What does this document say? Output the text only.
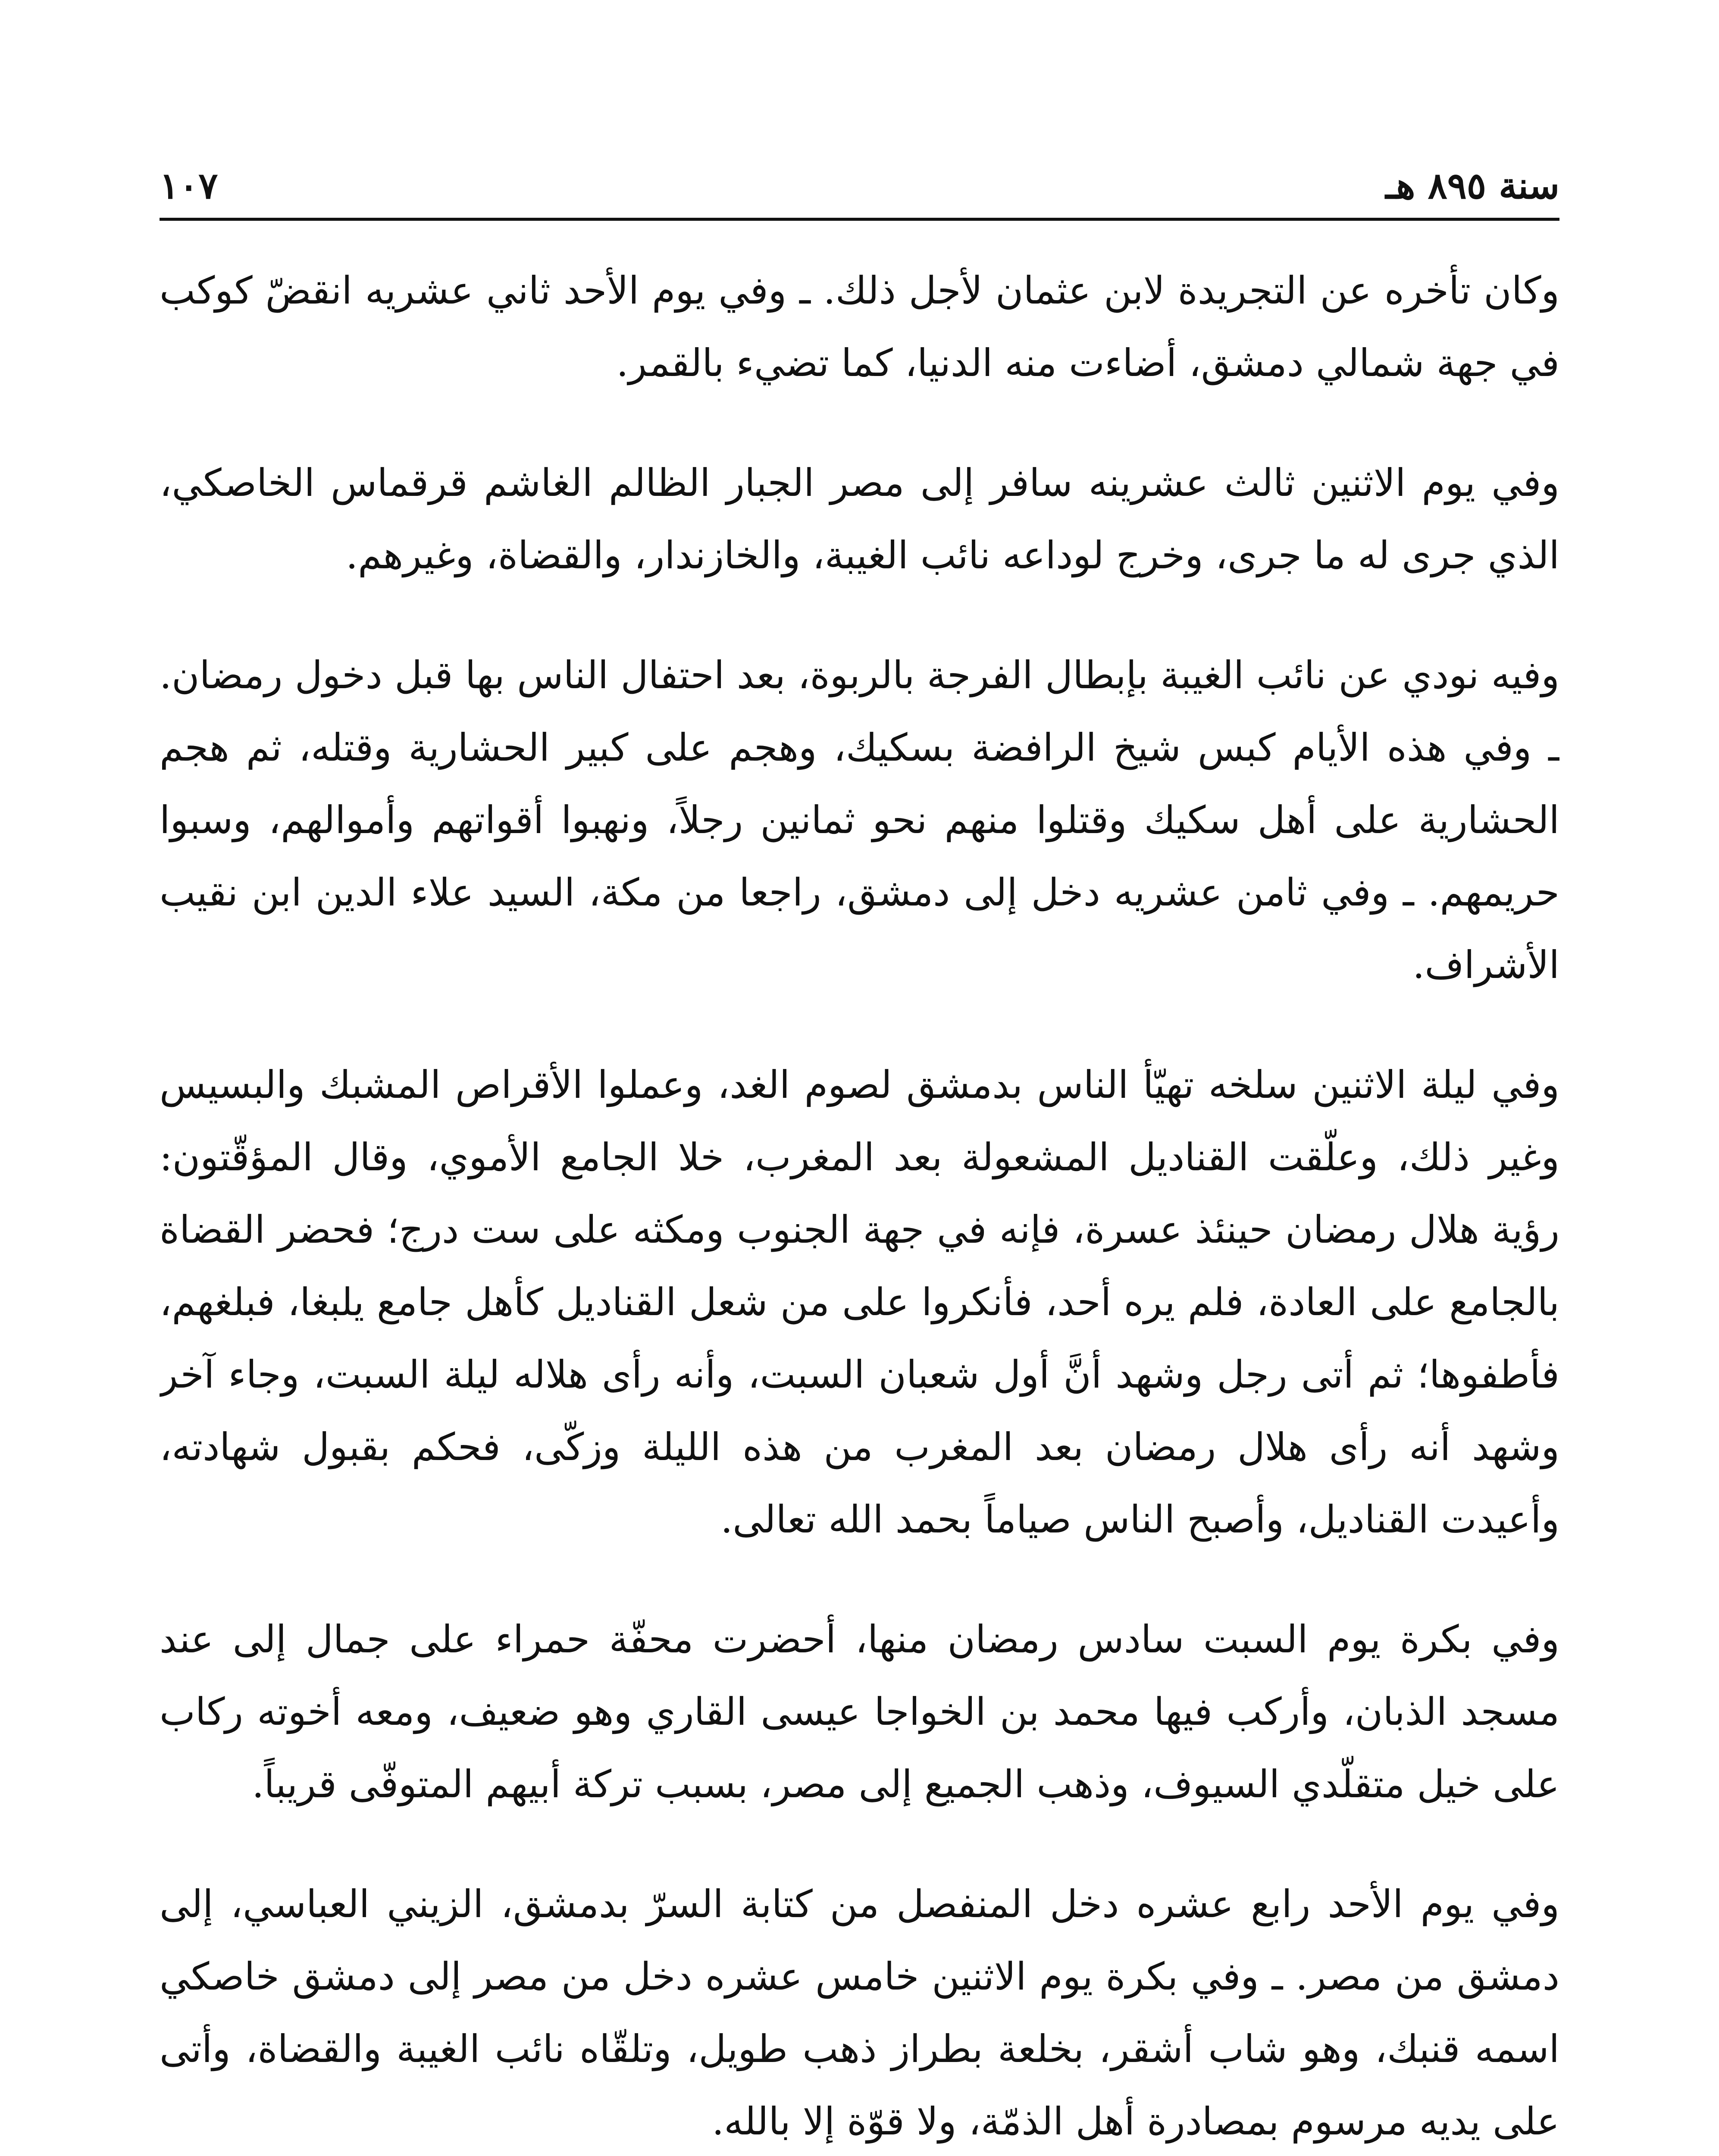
سنة ٨٩٥ هـ
١٠٧

وكان تأخره عن التجريدة لابن عثمان لأجل ذلك. ـ وفي يوم الأحد ثاني عشريه انقضّ كوكب في جهة شمالي دمشق، أضاءت منه الدنيا، كما تضيء بالقمر.

وفي يوم الاثنين ثالث عشرينه سافر إلى مصر الجبار الظالم الغاشم قرقماس الخاصكي، الذي جرى له ما جرى، وخرج لوداعه نائب الغيبة، والخازندار، والقضاة، وغيرهم.

وفيه نودي عن نائب الغيبة بإبطال الفرجة بالربوة، بعد احتفال الناس بها قبل دخول رمضان. ـ وفي هذه الأيام كبس شيخ الرافضة بسكيك، وهجم على كبير الحشارية وقتله، ثم هجم الحشارية على أهل سكيك وقتلوا منهم نحو ثمانين رجلاً، ونهبوا أقواتهم وأموالهم، وسبوا حريمهم. ـ وفي ثامن عشريه دخل إلى دمشق، راجعا من مكة، السيد علاء الدين ابن نقيب الأشراف.

وفي ليلة الاثنين سلخه تهيّأ الناس بدمشق لصوم الغد، وعملوا الأقراص المشبك والبسيس وغير ذلك، وعلّقت القناديل المشعولة بعد المغرب، خلا الجامع الأموي، وقال المؤقّتون: رؤية هلال رمضان حينئذ عسرة، فإنه في جهة الجنوب ومكثه على ست درج؛ فحضر القضاة بالجامع على العادة، فلم يره أحد، فأنكروا على من شعل القناديل كأهل جامع يلبغا، فبلغهم، فأطفوها؛ ثم أتى رجل وشهد أنَّ أول شعبان السبت، وأنه رأى هلاله ليلة السبت، وجاء آخر وشهد أنه رأى هلال رمضان بعد المغرب من هذه الليلة وزكّى، فحكم بقبول شهادته، وأعيدت القناديل، وأصبح الناس صياماً بحمد الله تعالى.

وفي بكرة يوم السبت سادس رمضان منها، أحضرت محفّة حمراء على جمال إلى عند مسجد الذبان، وأركب فيها محمد بن الخواجا عيسى القاري وهو ضعيف، ومعه أخوته ركاب على خيل متقلّدي السيوف، وذهب الجميع إلى مصر، بسبب تركة أبيهم المتوفّى قريباً.

وفي يوم الأحد رابع عشره دخل المنفصل من كتابة السرّ بدمشق، الزيني العباسي، إلى دمشق من مصر. ـ وفي بكرة يوم الاثنين خامس عشره دخل من مصر إلى دمشق خاصكي اسمه قنبك، وهو شاب أشقر، بخلعة بطراز ذهب طويل، وتلقّاه نائب الغيبة والقضاة، وأتى على يديه مرسوم بمصادرة أهل الذمّة، ولا قوّة إلا بالله.
